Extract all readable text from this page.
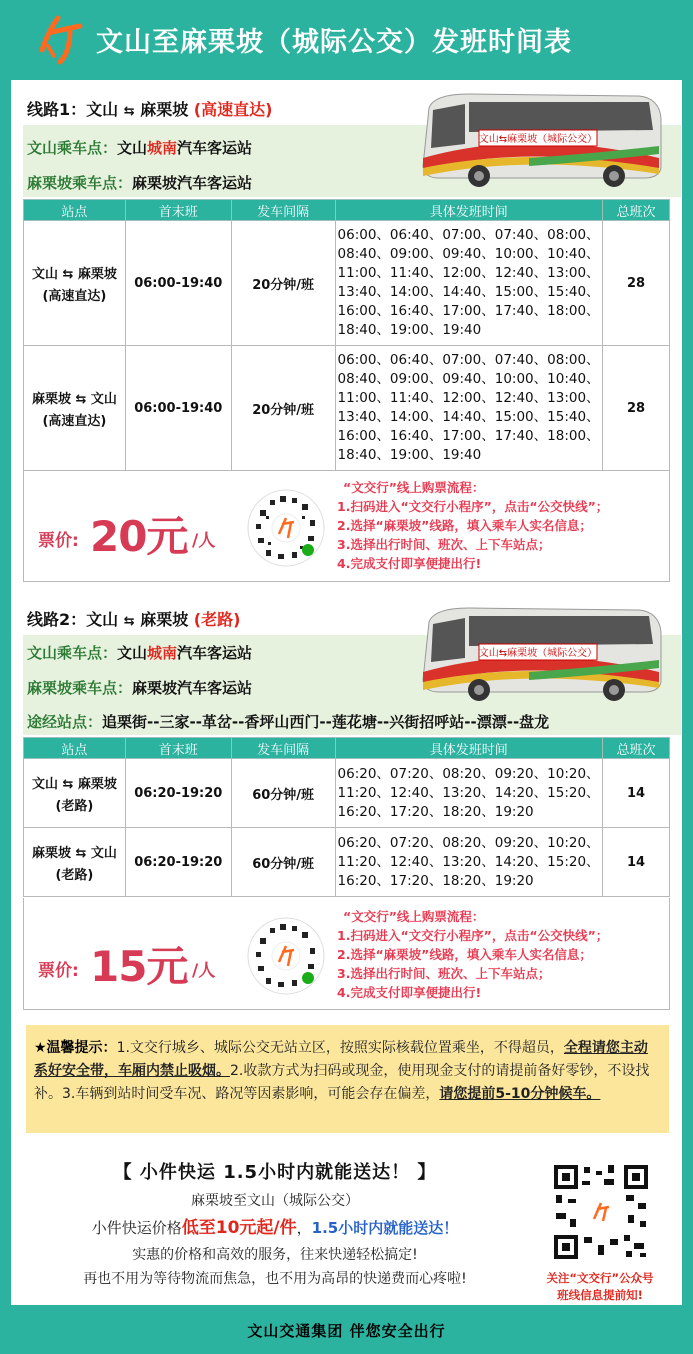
文山至麻栗坡（城际公交）发班时间表
线路1：文山 ⇆ 麻栗坡 (高速直达)
文山乘车点：文山城南汽车客运站
麻栗坡乘车点：麻栗坡汽车客运站
文山⇆麻栗坡（城际公交）
站点	首末班	发车间隔	具体发班时间	总班次

文山 ⇆ 麻栗坡
(高速直达)	06:00-19:40	20分钟/班	06:00、06:40、07:00、07:40、08:00、08:40、09:00、09:40、10:00、10:40、11:00、11:40、12:00、12:40、13:00、13:40、14:00、14:40、15:00、15:40、16:00、16:40、17:00、17:40、18:00、18:40、19:00、19:40	28

麻栗坡 ⇆ 文山
(高速直达)	06:00-19:40	20分钟/班	06:00、06:40、07:00、07:40、08:00、08:40、09:00、09:40、10:00、10:40、11:00、11:40、12:00、12:40、13:00、13:40、14:00、14:40、15:00、15:40、16:00、16:40、17:00、17:40、18:00、18:40、19:00、19:40	28
票价: 20元 /人
“文交行”线上购票流程：
1.扫码进入“文交行小程序”，点击“公交快线”；
2.选择“麻栗坡”线路，填入乘车人实名信息；
3.选择出行时间、班次、上下车站点；
4.完成支付即享便捷出行!
线路2：文山 ⇆ 麻栗坡 (老路)
文山乘车点：文山城南汽车客运站
麻栗坡乘车点：麻栗坡汽车客运站
途经站点：追栗街--三家--革岔--香坪山西门--莲花塘--兴街招呼站--漂漂--盘龙
文山⇆麻栗坡（城际公交）
站点	首末班	发车间隔	具体发班时间	总班次

文山 ⇆ 麻栗坡
(老路)	06:20-19:20	60分钟/班	06:20、07:20、08:20、09:20、10:20、11:20、12:40、13:20、14:20、15:20、16:20、17:20、18:20、19:20	14

麻栗坡 ⇆ 文山
(老路)	06:20-19:20	60分钟/班	06:20、07:20、08:20、09:20、10:20、11:20、12:40、13:20、14:20、15:20、16:20、17:20、18:20、19:20	14
票价: 15元 /人
“文交行”线上购票流程：
1.扫码进入“文交行小程序”，点击“公交快线”；
2.选择“麻栗坡”线路，填入乘车人实名信息；
3.选择出行时间、班次、上下车站点；
4.完成支付即享便捷出行!
★温馨提示：1.文交行城乡、城际公交无站立区，按照实际核载位置乘坐，不得超员，全程请您主动系好安全带，车厢内禁止吸烟。2.收款方式为扫码或现金，使用现金支付的请提前备好零钞，不设找补。3.车辆到站时间受车况、路况等因素影响，可能会存在偏差，请您提前5-10分钟候车。
【 小件快运 1.5小时内就能送达！ 】
麻栗坡至文山（城际公交）
小件快运价格低至10元起/件，1.5小时内就能送达！
实惠的价格和高效的服务，往来快递轻松搞定!
再也不用为等待物流而焦急，也不用为高昂的快递费而心疼啦!	关注“文交行”公众号
班线信息提前知!
文山交通集团 伴您安全出行
